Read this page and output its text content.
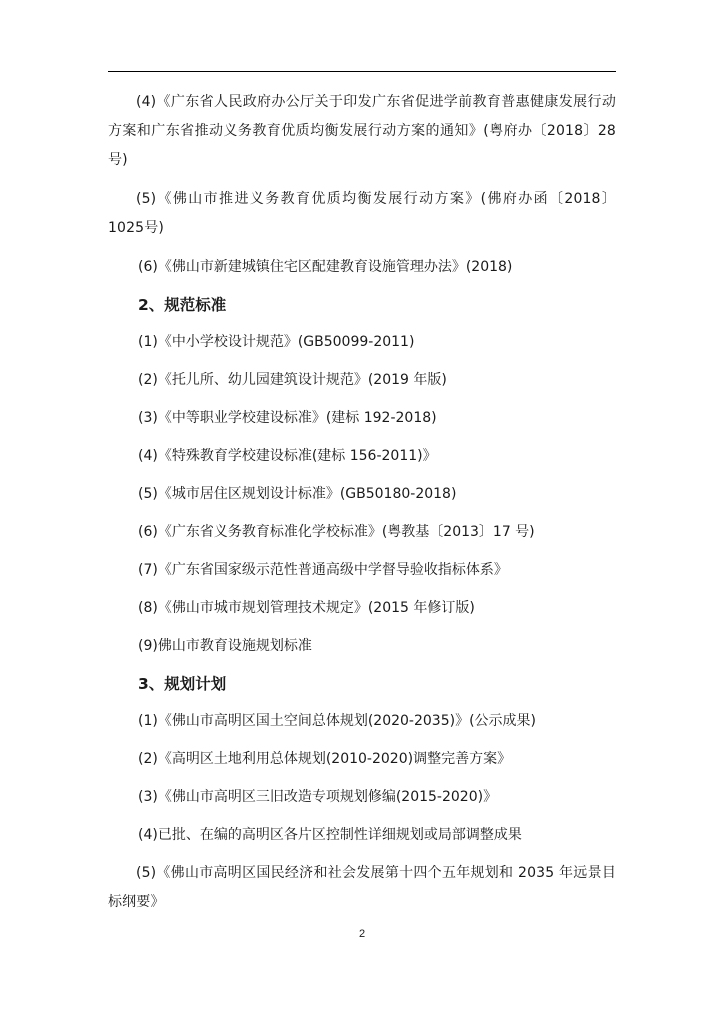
(4)《广东省人民政府办公厅关于印发广东省促进学前教育普惠健康发展行动方案和广东省推动义务教育优质均衡发展行动方案的通知》(粤府办〔2018〕28号)

(5)《佛山市推进义务教育优质均衡发展行动方案》(佛府办函〔2018〕1025号)

(6)《佛山市新建城镇住宅区配建教育设施管理办法》(2018)

2、规范标准

(1)《中小学校设计规范》(GB50099-2011)

(2)《托儿所、幼儿园建筑设计规范》(2019 年版)

(3)《中等职业学校建设标准》(建标 192-2018)

(4)《特殊教育学校建设标准(建标 156-2011)》

(5)《城市居住区规划设计标准》(GB50180-2018)

(6)《广东省义务教育标准化学校标准》(粤教基〔2013〕17 号)

(7)《广东省国家级示范性普通高级中学督导验收指标体系》

(8)《佛山市城市规划管理技术规定》(2015 年修订版)

(9)佛山市教育设施规划标准

3、规划计划

(1)《佛山市高明区国土空间总体规划(2020-2035)》(公示成果)

(2)《高明区土地利用总体规划(2010-2020)调整完善方案》

(3)《佛山市高明区三旧改造专项规划修编(2015-2020)》

(4)已批、在编的高明区各片区控制性详细规划或局部调整成果

(5)《佛山市高明区国民经济和社会发展第十四个五年规划和 2035 年远景目标纲要》

2
